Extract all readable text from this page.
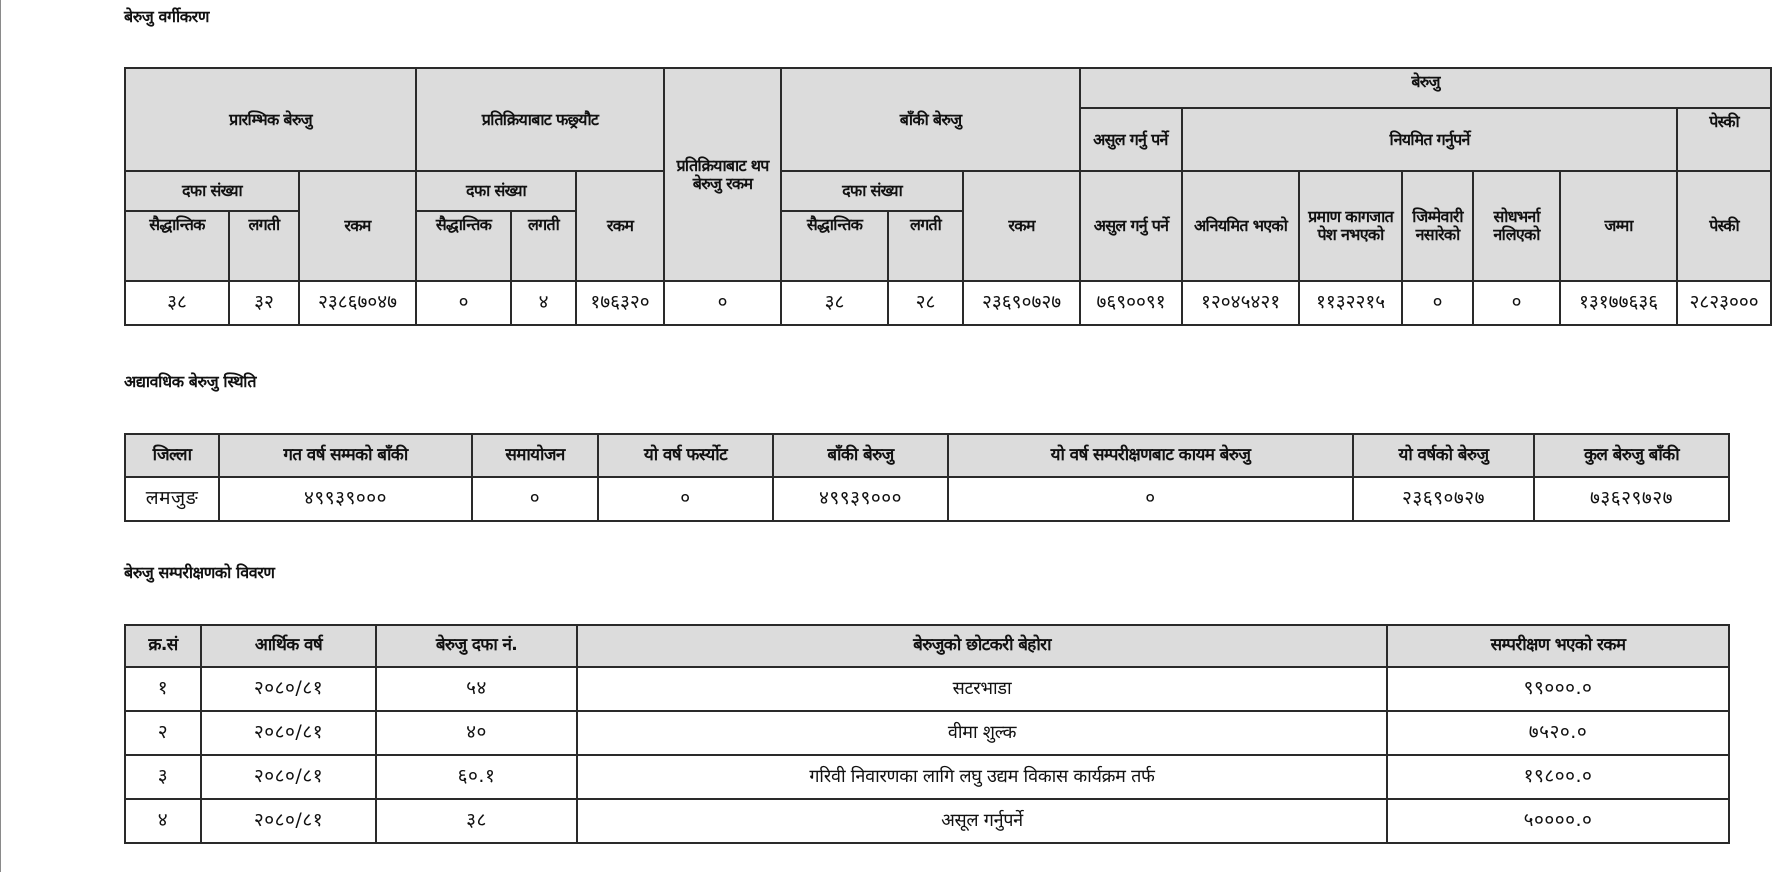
बेरुजु वर्गीकरण
प्रारम्भिक बेरुजु			प्रतिक्रियाबाट फछ्र्यौट			प्रतिक्रियाबाट थप बेरुजु रकम	बाँकी बेरुजु			बेरुजु						
										असुल गर्नु पर्ने	नियमित गर्नुपर्ने					पेस्की
दफा संख्या		रकम	दफा संख्या		रकम		दफा संख्या		रकम	असुल गर्नु पर्ने	अनियमित भएको	प्रमाण कागजात पेश नभएको	जिम्मेवारी नसारेको	सोधभर्ना नलिएको	जम्मा	पेस्की
सैद्धान्तिक	लगती		सैद्धान्तिक	लगती			सैद्धान्तिक	लगती								
३८	३२	२३८६७०४७	०	४	१७६३२०	०	३८	२८	२३६९०७२७	७६९००९१	१२०४५४२१	११३२२१५	०	०	१३१७७६३६	२८२३०००
अद्यावधिक बेरुजु स्थिति
जिल्ला	गत वर्ष सम्मको बाँकी	समायोजन	यो वर्ष फर्स्योट	बाँकी बेरुजु	यो वर्ष सम्परीक्षणबाट कायम बेरुजु	यो वर्षको बेरुजु	कुल बेरुजु बाँकी
लमजुङ	४९९३९०००	०	०	४९९३९०००	०	२३६९०७२७	७३६२९७२७
बेरुजु सम्परीक्षणको विवरण
क्र.सं	आर्थिक वर्ष	बेरुजु दफा नं.	बेरुजुको छोटकरी बेहोरा	सम्परीक्षण भएको रकम
१	२०८०/८१	५४	सटरभाडा	९९०००.०
२	२०८०/८१	४०	वीमा शुल्क	७५२०.०
३	२०८०/८१	६०.१	गरिवी निवारणका लागि लघु उद्यम विकास कार्यक्रम तर्फ	१९८००.०
४	२०८०/८१	३८	असूल गर्नुपर्ने	५००००.०
